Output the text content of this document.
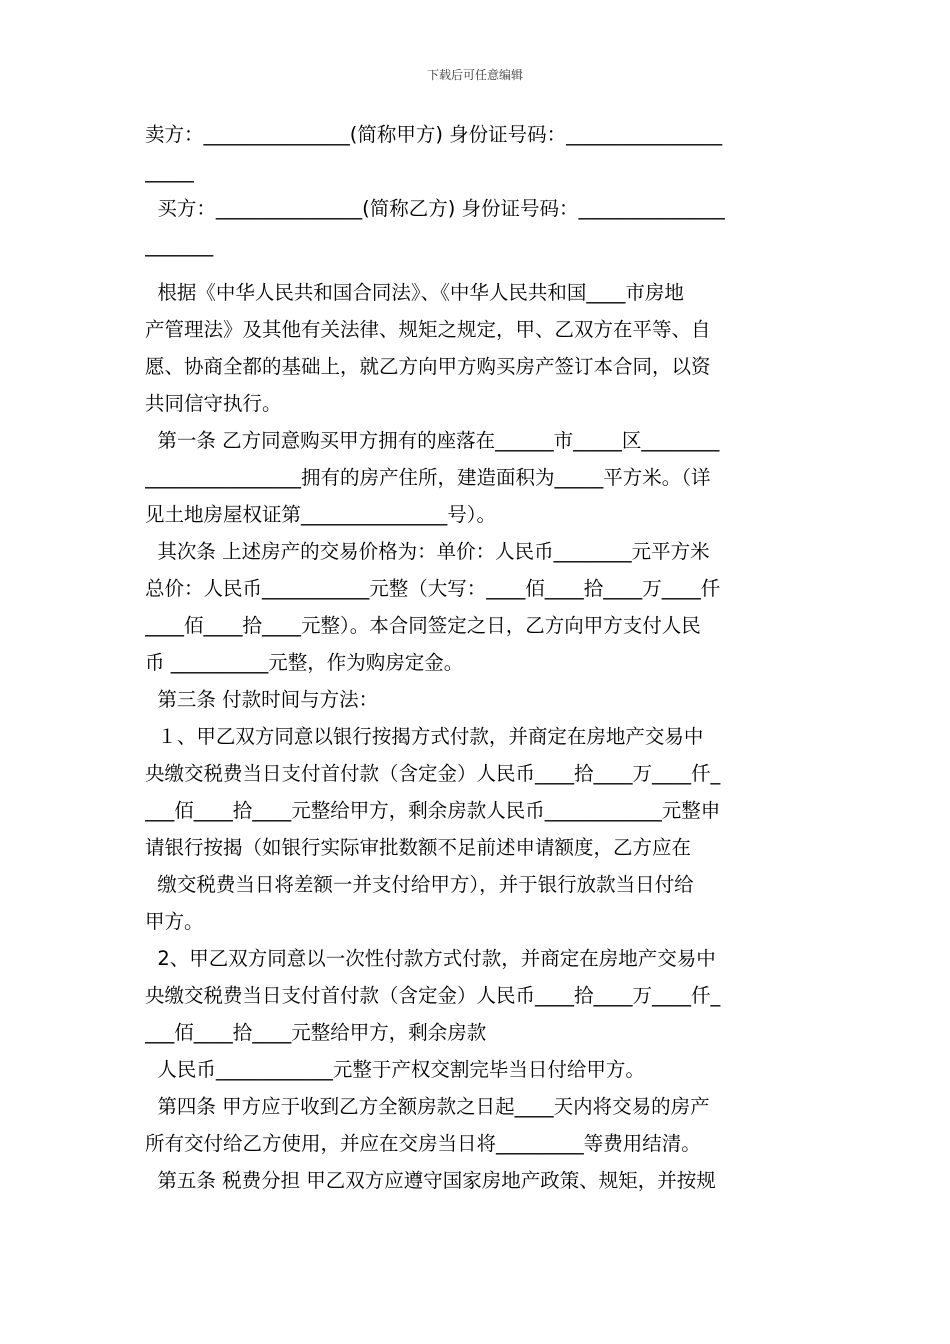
下载后可任意编辑
卖方：_______________(简称甲方) 身份证号码：________________
_____
买方：_______________(简称乙方) 身份证号码：_______________
_______
根据《中华人民共和国合同法》、《中华人民共和国____市房地
产管理法》及其他有关法律、规矩之规定，甲、乙双方在平等、自
愿、协商全都的基础上，就乙方向甲方购买房产签订本合同，以资
共同信守执行。
第一条 乙方同意购买甲方拥有的座落在______市_____区________
________________拥有的房产住所，建造面积为_____平方米。（详
见土地房屋权证第_______________号）。
其次条 上述房产的交易价格为：单价：人民币________元平方米
总价：人民币___________元整（大写：____佰____拾____万____仟
____佰____拾____元整）。本合同签定之日，乙方向甲方支付人民
币 __________元整，作为购房定金。
第三条 付款时间与方法：
１、甲乙双方同意以银行按揭方式付款，并商定在房地产交易中
央缴交税费当日支付首付款（含定金）人民币____拾____万____仟_
___佰____拾____元整给甲方，剩余房款人民币____________元整申
请银行按揭（如银行实际审批数额不足前述申请额度，乙方应在
缴交税费当日将差额一并支付给甲方），并于银行放款当日付给
甲方。
2、甲乙双方同意以一次性付款方式付款，并商定在房地产交易中
央缴交税费当日支付首付款（含定金）人民币____拾____万____仟_
___佰____拾____元整给甲方，剩余房款
人民币____________元整于产权交割完毕当日付给甲方。
第四条 甲方应于收到乙方全额房款之日起____天内将交易的房产
所有交付给乙方使用，并应在交房当日将_________等费用结清。
第五条 税费分担 甲乙双方应遵守国家房地产政策、规矩，并按规
